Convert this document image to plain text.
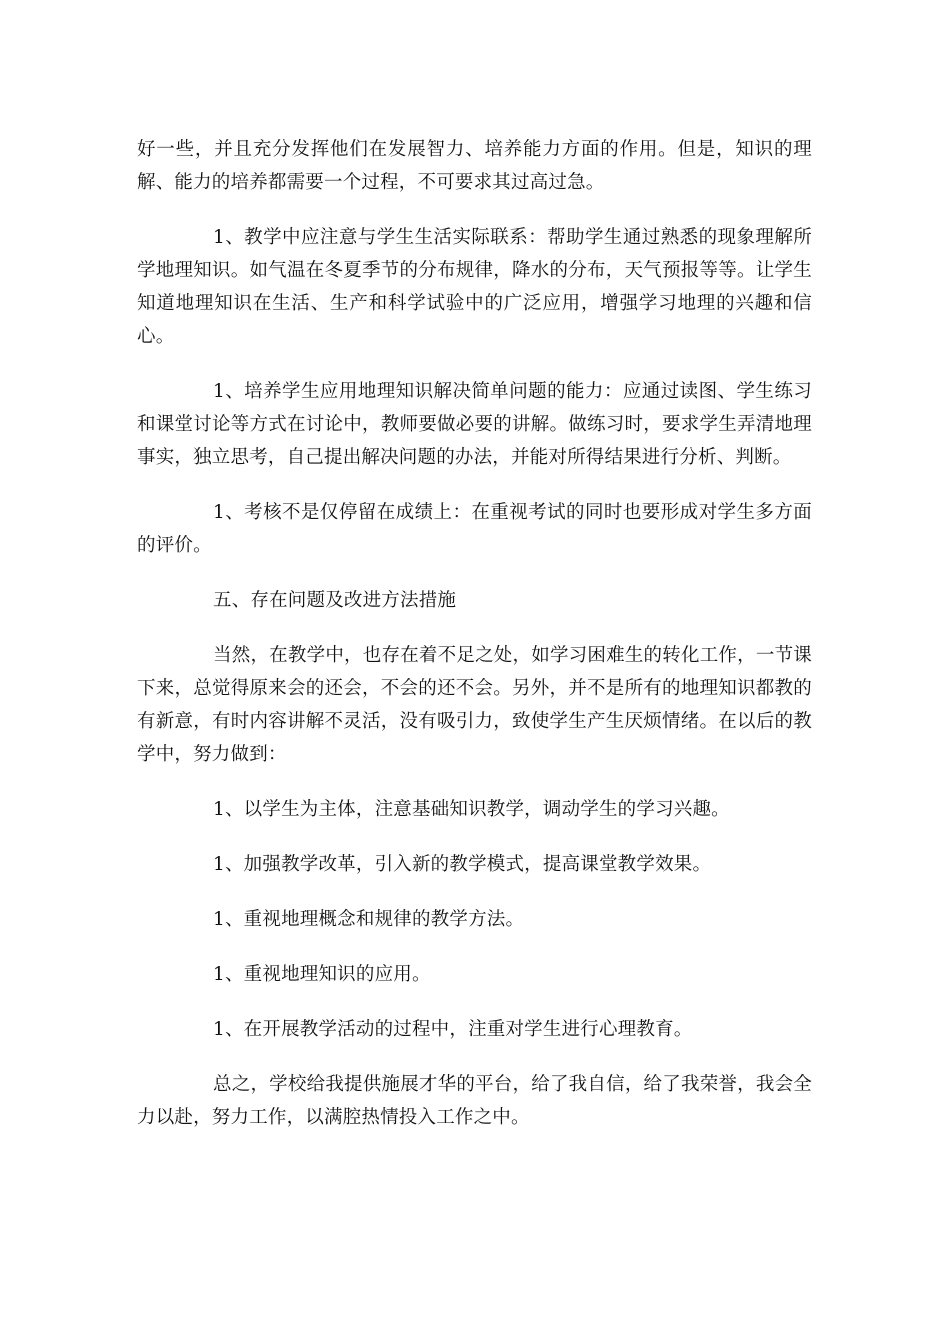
好一些，并且充分发挥他们在发展智力、培养能力方面的作用。但是，知识的理解、能力的培养都需要一个过程，不可要求其过高过急。

1、教学中应注意与学生生活实际联系：帮助学生通过熟悉的现象理解所学地理知识。如气温在冬夏季节的分布规律，降水的分布，天气预报等等。让学生知道地理知识在生活、生产和科学试验中的广泛应用，增强学习地理的兴趣和信心。

1、培养学生应用地理知识解决简单问题的能力：应通过读图、学生练习和课堂讨论等方式在讨论中，教师要做必要的讲解。做练习时，要求学生弄清地理事实，独立思考，自己提出解决问题的办法，并能对所得结果进行分析、判断。

1、考核不是仅停留在成绩上：在重视考试的同时也要形成对学生多方面的评价。

五、存在问题及改进方法措施

当然，在教学中，也存在着不足之处，如学习困难生的转化工作，一节课下来，总觉得原来会的还会，不会的还不会。另外，并不是所有的地理知识都教的有新意，有时内容讲解不灵活，没有吸引力，致使学生产生厌烦情绪。在以后的教学中，努力做到：

1、以学生为主体，注意基础知识教学，调动学生的学习兴趣。

1、加强教学改革，引入新的教学模式，提高课堂教学效果。

1、重视地理概念和规律的教学方法。

1、重视地理知识的应用。

1、在开展教学活动的过程中，注重对学生进行心理教育。

总之，学校给我提供施展才华的平台，给了我自信，给了我荣誉，我会全力以赴，努力工作，以满腔热情投入工作之中。
